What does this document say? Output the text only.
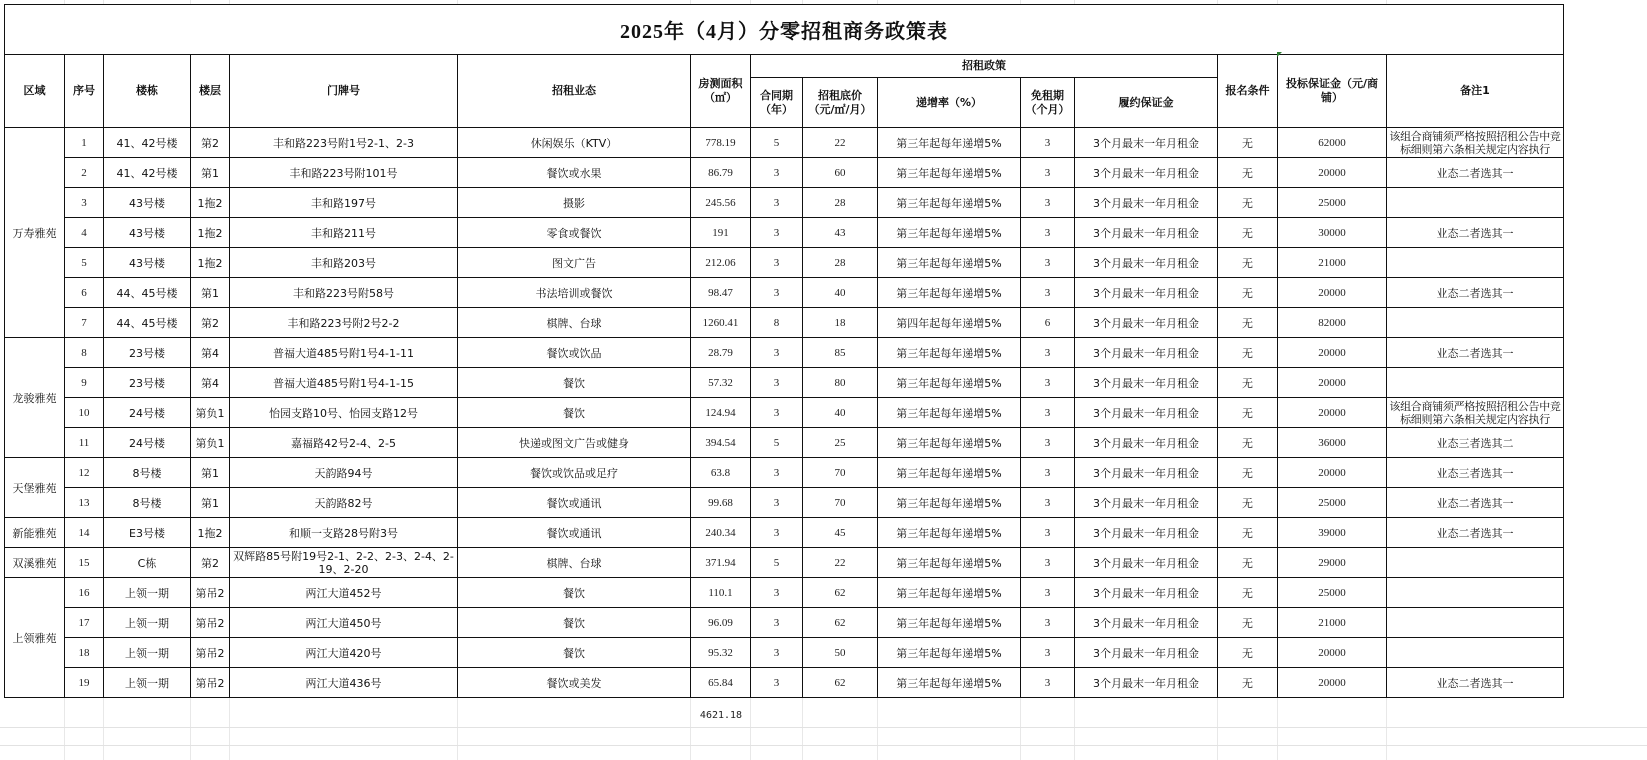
2025年（4月）分零招租商务政策表														
区域	序号	楼栋	楼层	门牌号	招租业态	房测面积（㎡）	招租政策					报名条件	投标保证金（元/商铺）	备注1
							合同期（年）	招租底价（元/㎡/月）	递增率（%）	免租期（个月）	履约保证金			
万寿雅苑	1	41、42号楼	第2	丰和路223号附1号2-1、2-3	休闲娱乐（KTV）	778.19	5	22	第三年起每年递增5%	3	3个月最末一年月租金	无	62000	该组合商铺须严格按照招租公告中竞标细则第六条相关规定内容执行
	2	41、42号楼	第1	丰和路223号附101号	餐饮或水果	86.79	3	60	第三年起每年递增5%	3	3个月最末一年月租金	无	20000	业态二者选其一
	3	43号楼	1拖2	丰和路197号	摄影	245.56	3	28	第三年起每年递增5%	3	3个月最末一年月租金	无	25000	
	4	43号楼	1拖2	丰和路211号	零食或餐饮	191	3	43	第三年起每年递增5%	3	3个月最末一年月租金	无	30000	业态二者选其一
	5	43号楼	1拖2	丰和路203号	图文广告	212.06	3	28	第三年起每年递增5%	3	3个月最末一年月租金	无	21000	
	6	44、45号楼	第1	丰和路223号附58号	书法培训或餐饮	98.47	3	40	第三年起每年递增5%	3	3个月最末一年月租金	无	20000	业态二者选其一
	7	44、45号楼	第2	丰和路223号附2号2-2	棋牌、台球	1260.41	8	18	第四年起每年递增5%	6	3个月最末一年月租金	无	82000	
龙骏雅苑	8	23号楼	第4	普福大道485号附1号4-1-11	餐饮或饮品	28.79	3	85	第三年起每年递增5%	3	3个月最末一年月租金	无	20000	业态二者选其一
	9	23号楼	第4	普福大道485号附1号4-1-15	餐饮	57.32	3	80	第三年起每年递增5%	3	3个月最末一年月租金	无	20000	
	10	24号楼	第负1	怡园支路10号、怡园支路12号	餐饮	124.94	3	40	第三年起每年递增5%	3	3个月最末一年月租金	无	20000	该组合商铺须严格按照招租公告中竞标细则第六条相关规定内容执行
	11	24号楼	第负1	嘉福路42号2-4、2-5	快递或图文广告或健身	394.54	5	25	第三年起每年递增5%	3	3个月最末一年月租金	无	36000	业态三者选其二
天堡雅苑	12	8号楼	第1	天韵路94号	餐饮或饮品或足疗	63.8	3	70	第三年起每年递增5%	3	3个月最末一年月租金	无	20000	业态三者选其一
	13	8号楼	第1	天韵路82号	餐饮或通讯	99.68	3	70	第三年起每年递增5%	3	3个月最末一年月租金	无	25000	业态二者选其一
新能雅苑	14	E3号楼	1拖2	和顺一支路28号附3号	餐饮或通讯	240.34	3	45	第三年起每年递增5%	3	3个月最末一年月租金	无	39000	业态二者选其一
双溪雅苑	15	C栋	第2	双辉路85号附19号2-1、2-2、2-3、2-4、2-19、2-20	棋牌、台球	371.94	5	22	第三年起每年递增5%	3	3个月最末一年月租金	无	29000	
上领雅苑	16	上领一期	第吊2	两江大道452号	餐饮	110.1	3	62	第三年起每年递增5%	3	3个月最末一年月租金	无	25000	
	17	上领一期	第吊2	两江大道450号	餐饮	96.09	3	62	第三年起每年递增5%	3	3个月最末一年月租金	无	21000	
	18	上领一期	第吊2	两江大道420号	餐饮	95.32	3	50	第三年起每年递增5%	3	3个月最末一年月租金	无	20000	
	19	上领一期	第吊2	两江大道436号	餐饮或美发	65.84	3	62	第三年起每年递增5%	3	3个月最末一年月租金	无	20000	业态二者选其一
4621.18
